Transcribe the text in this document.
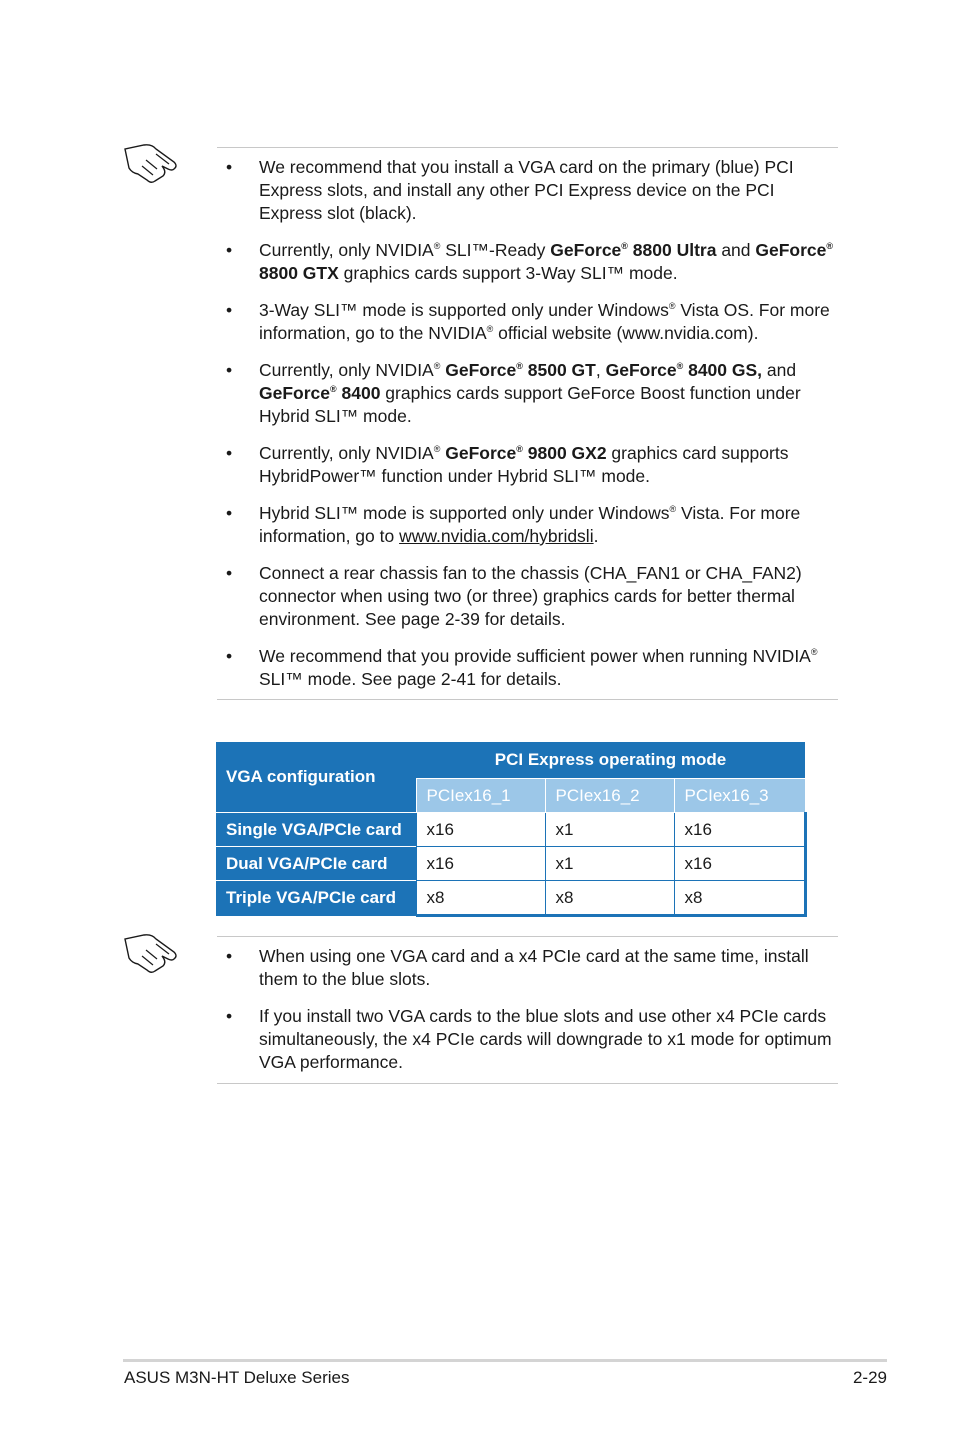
• We recommend that you install a VGA card on the primary (blue) PCI Express slots, and install any other PCI Express device on the PCI Express slot (black).
• Currently, only NVIDIA® SLI™-Ready GeForce® 8800 Ultra and GeForce® 8800 GTX graphics cards support 3-Way SLI™ mode.
• 3-Way SLI™ mode is supported only under Windows® Vista OS. For more information, go to the NVIDIA® official website (www.nvidia.com).
• Currently, only NVIDIA® GeForce® 8500 GT, GeForce® 8400 GS, and GeForce® 8400 graphics cards support GeForce Boost function under Hybrid SLI™ mode.
• Currently, only NVIDIA® GeForce® 9800 GX2 graphics card supports HybridPower™ function under Hybrid SLI™ mode.
• Hybrid SLI™ mode is supported only under Windows® Vista. For more information, go to www.nvidia.com/hybridsli.
• Connect a rear chassis fan to the chassis (CHA_FAN1 or CHA_FAN2) connector when using two (or three) graphics cards for better thermal environment. See page 2-39 for details.
• We recommend that you provide sufficient power when running NVIDIA® SLI™ mode. See page 2-41 for details.
VGA configuration	PCI Express operating mode		
	PCIex16_1	PCIex16_2	PCIex16_3
Single VGA/PCIe card	x16	x1	x16
Dual VGA/PCIe card	x16	x1	x16
Triple VGA/PCIe card	x8	x8	x8
• When using one VGA card and a x4 PCIe card at the same time, install them to the blue slots.
• If you install two VGA cards to the blue slots and use other x4 PCIe cards simultaneously, the x4 PCIe cards will downgrade to x1 mode for optimum VGA performance.
ASUS M3N-HT Deluxe Series	2-29
